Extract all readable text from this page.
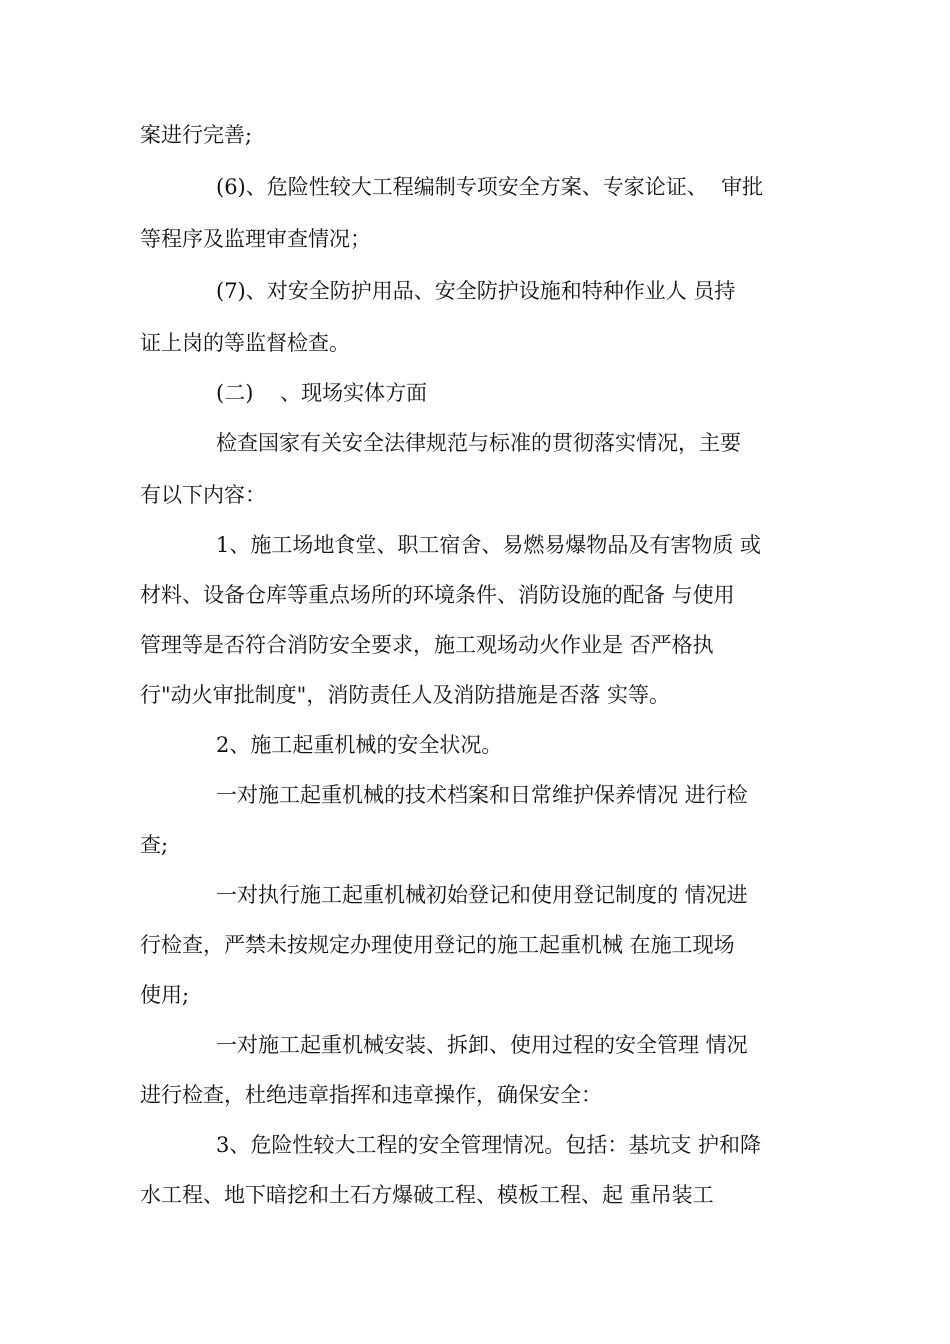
案进行完善;
(6)、危险性较大工程编制专项安全方案、专家论证、  审批
等程序及监理审查情况；
(7)、对安全防护用品、安全防护设施和特种作业人 员持
证上岗的等监督检查。
(二)    、现场实体方面
检查国家有关安全法律规范与标准的贯彻落实情况，主要
有以下内容：
1、施工场地食堂、职工宿舍、易燃易爆物品及有害物质 或
材料、设备仓库等重点场所的环境条件、消防设施的配备 与使用
管理等是否符合消防安全要求，施工观场动火作业是 否严格执
行"动火审批制度"，消防责任人及消防措施是否落 实等。
2、施工起重机械的安全状况。
一对施工起重机械的技术档案和日常维护保养情况 进行检
查;
一对执行施工起重机械初始登记和使用登记制度的 情况进
行检查，严禁未按规定办理使用登记的施工起重机械 在施工现场
使用;
一对施工起重机械安装、拆卸、使用过程的安全管理 情况
进行检查，杜绝违章指挥和违章操作，确保安全：
3、危险性较大工程的安全管理情况。包括：基坑支 护和降
水工程、地下暗挖和土石方爆破工程、模板工程、起 重吊装工
